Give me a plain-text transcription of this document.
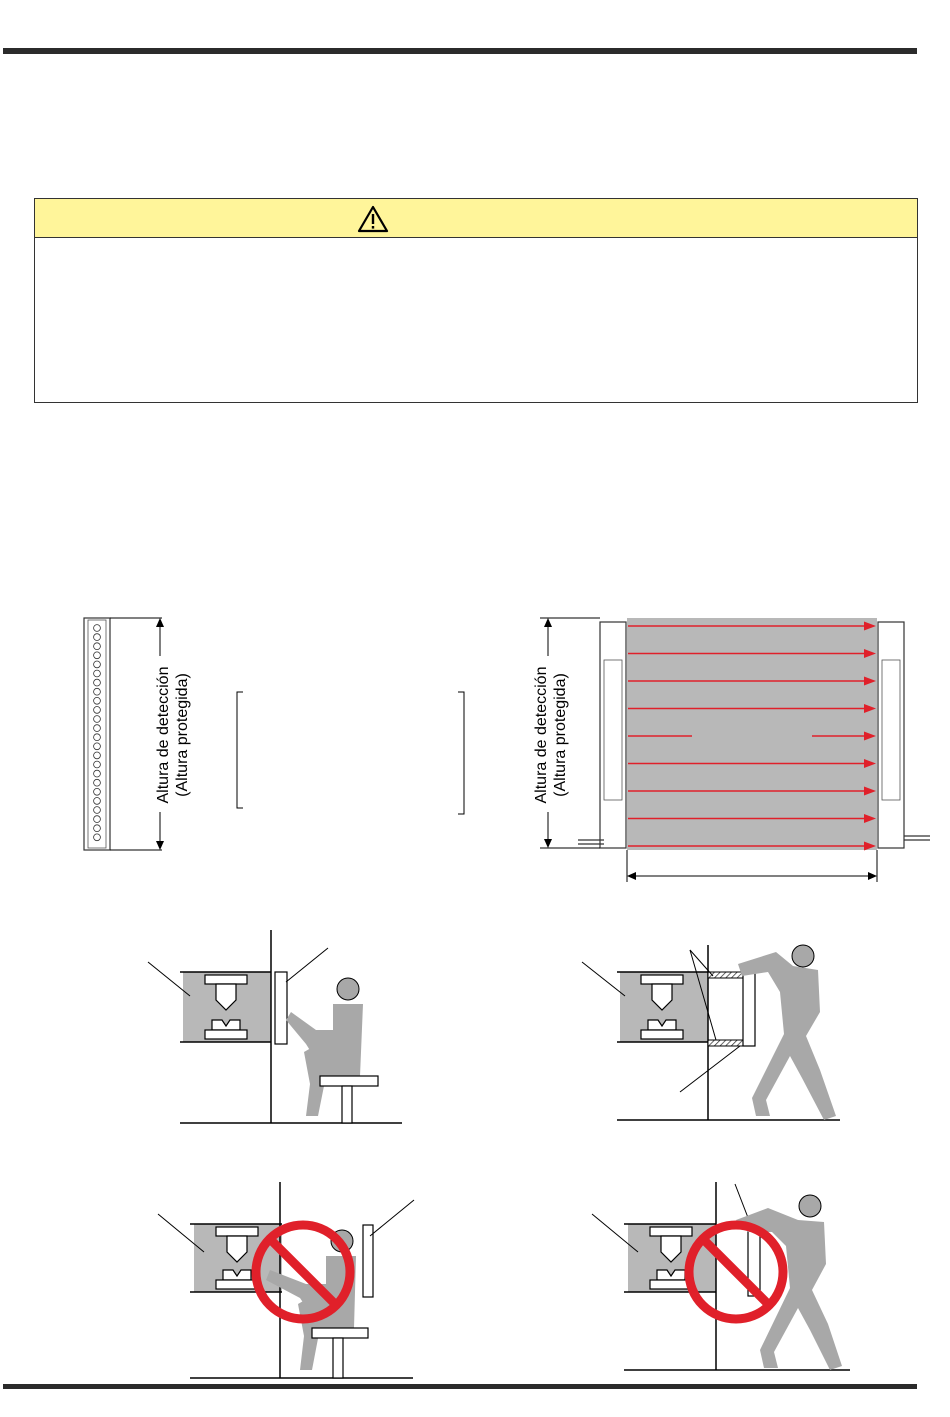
Altura de detección (Altura protegida)	Altura de detección (Altura protegida)
